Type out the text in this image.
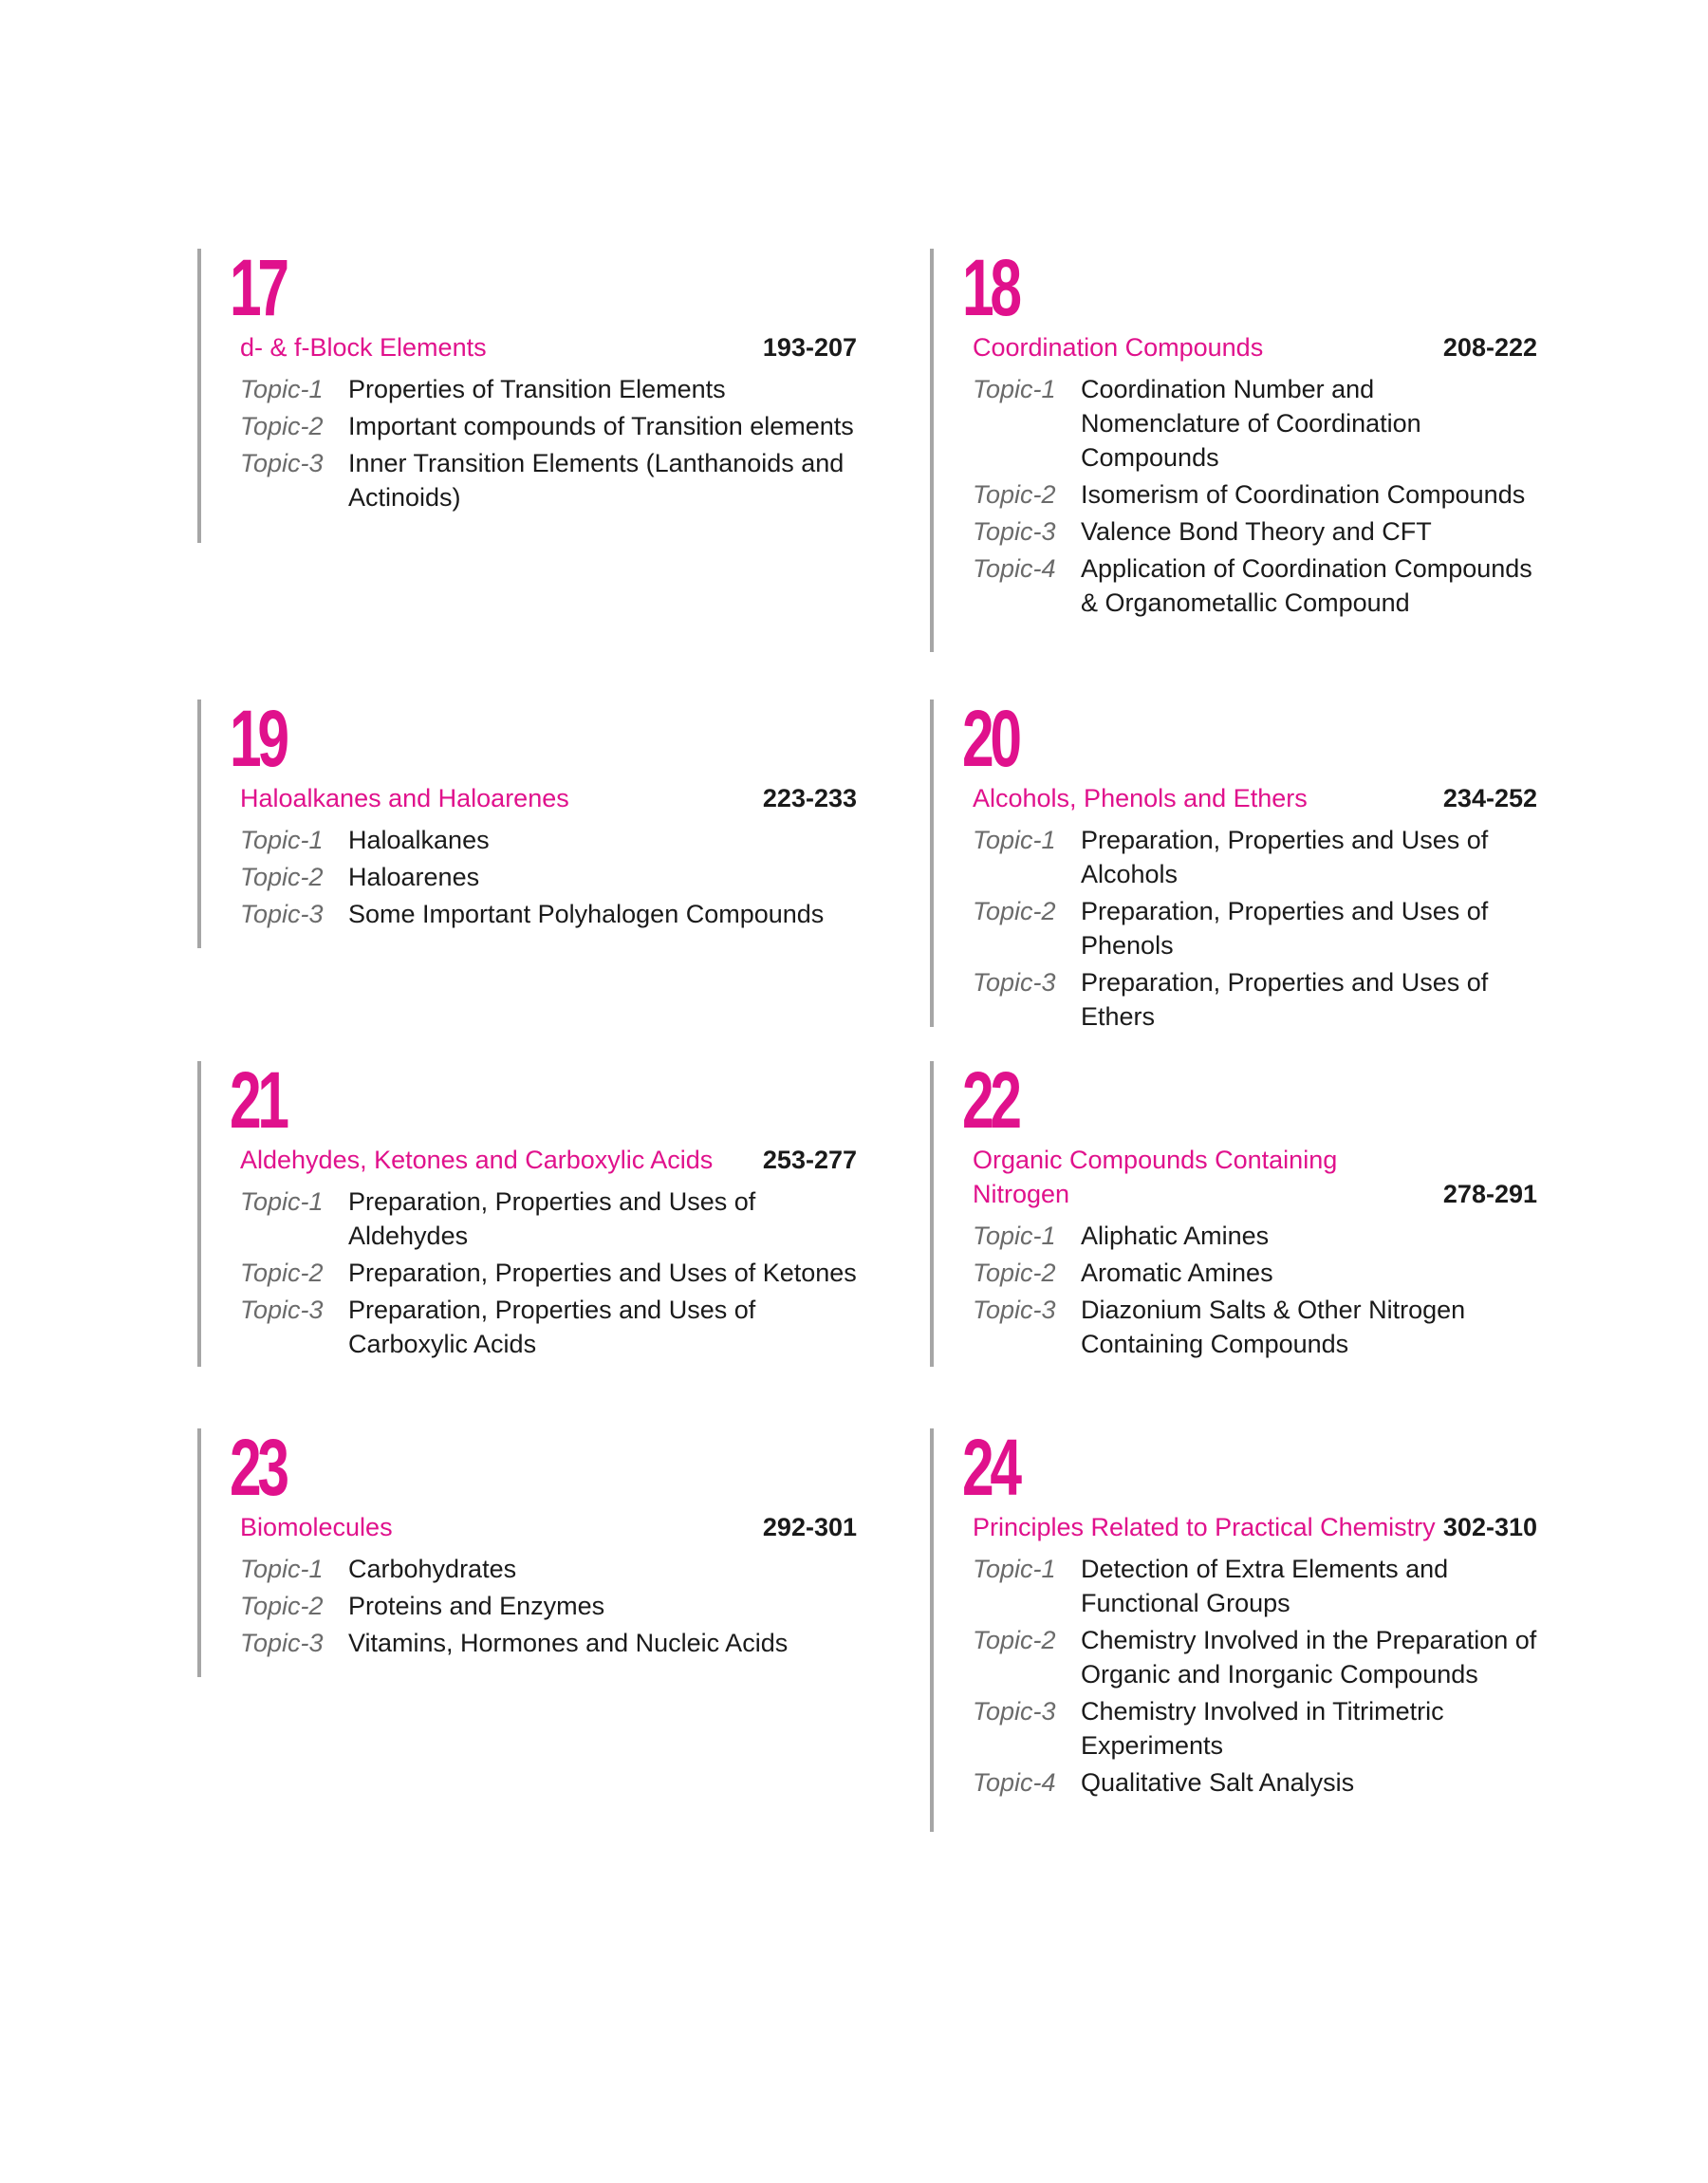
17
d- & f-Block Elements	193-207
Topic-1 Properties of Transition Elements
Topic-2 Important compounds of Transition elements
Topic-3 Inner Transition Elements (Lanthanoids and Actinoids)
18
Coordination Compounds	208-222
Topic-1 Coordination Number and Nomenclature of Coordination Compounds
Topic-2 Isomerism of Coordination Compounds
Topic-3 Valence Bond Theory and CFT
Topic-4 Application of Coordination Compounds & Organometallic Compound
19
Haloalkanes and Haloarenes	223-233
Topic-1 Haloalkanes
Topic-2 Haloarenes
Topic-3 Some Important Polyhalogen Compounds
20
Alcohols, Phenols and Ethers	234-252
Topic-1 Preparation, Properties and Uses of Alcohols
Topic-2 Preparation, Properties and Uses of Phenols
Topic-3 Preparation, Properties and Uses of Ethers
21
Aldehydes, Ketones and Carboxylic Acids	253-277
Topic-1 Preparation, Properties and Uses of Aldehydes
Topic-2 Preparation, Properties and Uses of Ketones
Topic-3 Preparation, Properties and Uses of Carboxylic Acids
22
Organic Compounds Containing Nitrogen	278-291
Topic-1 Aliphatic Amines
Topic-2 Aromatic Amines
Topic-3 Diazonium Salts & Other Nitrogen Containing Compounds
23
Biomolecules	292-301
Topic-1 Carbohydrates
Topic-2 Proteins and Enzymes
Topic-3 Vitamins, Hormones and Nucleic Acids
24
Principles Related to Practical Chemistry 302-310
Topic-1 Detection of Extra Elements and Functional Groups
Topic-2 Chemistry Involved in the Preparation of Organic and Inorganic Compounds
Topic-3 Chemistry Involved in Titrimetric Experiments
Topic-4 Qualitative Salt Analysis
